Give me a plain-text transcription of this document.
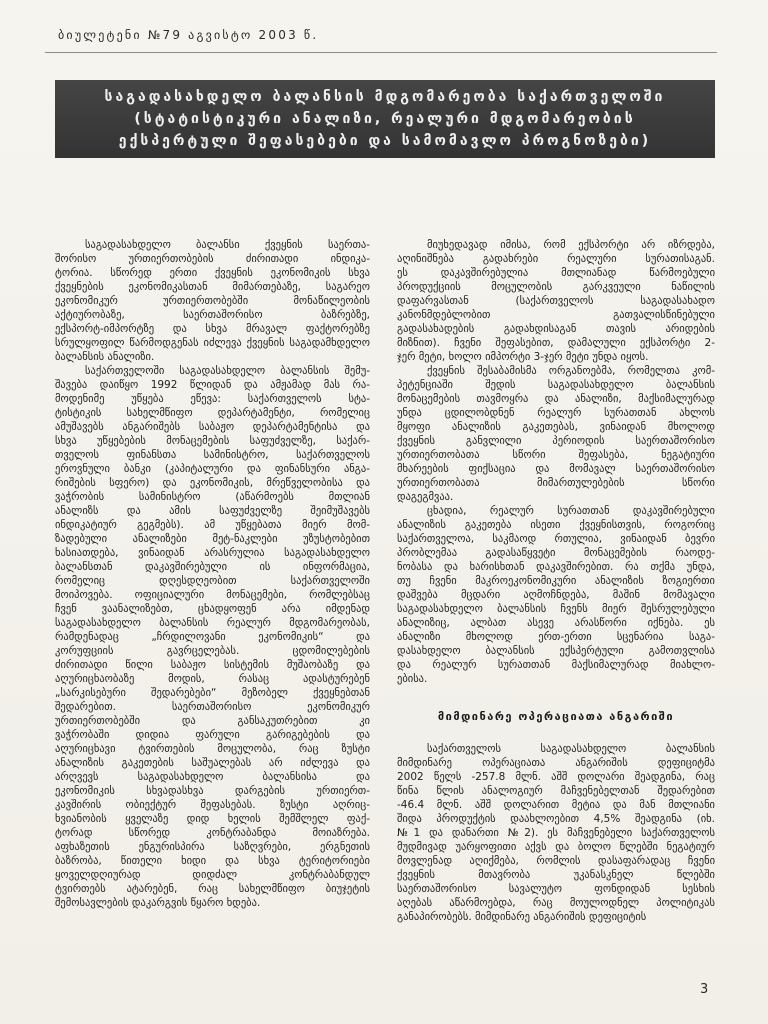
ბიულეტენი №79 აგვისტო 2003 წ.
საგადასახდელო ბალანსის მდგომარეობა საქართველოში
(სტატისტიკური ანალიზი, რეალური მდგომარეობის
ექსპერტული შეფასებები და სამომავლო პროგნოზები)
საგადასახდელო ბალანსი ქვეყნის საერთა-
შორისო ურთიერთობების ძირითადი ინდიკა-
ტორია. სწორედ ერთი ქვეყნის ეკონომიკის სხვა
ქვეყნების ეკონომიკასთან მიმართებაზე, საგარეო
ეკონომიკურ ურთიერთობებში მონაწილეობის
აქტიურობაზე, საერთაშორისო ბაზრებზე,
ექსპორტ-იმპორტზე და სხვა მრავალ ფაქტორებზე
სრულყოფილ წარმოდგენას იძლევა ქვეყნის საგადამხდელო
ბალანსის ანალიზი.
საქართველოში საგადასახდელო ბალანსის შემუ-
შავება დაიწყო 1992 წლიდან და ამჟამად მას რა-
მოდენიმე უწყება ეწევა: საქართველოს სტა-
ტისტიკის სახელმწიფო დეპარტამენტი, რომელიც
ამუშავებს ანგარიშებს საბაჟო დეპარტამენტისა და
სხვა უწყებების მონაცემების საფუძველზე, საქარ-
თველოს ფინანსთა სამინისტრო, საქართველოს
ეროვნული ბანკი (კაპიტალური და ფინანსური ანგა-
რიშების სფერო) და ეკონომიკის, მრეწველობისა და
ვაჭრობის სამინისტრო (აწარმოებს მთლიან
ანალიზს და ამის საფუძველზე შეიმუშავებს
ინდიკატიურ გეგმებს). ამ უწყებათა მიერ მომ-
ზადებული ანალიზები მეტ-ნაკლები უზუსტობებით
ხასიათდება, ვინაიდან არასრულია საგადასახდელო
ბალანსთან დაკავშირებული ის ინფორმაცია,
რომელიც დღესდღეობით საქართველოში
მოიპოვება. ოფიციალური მონაცემები, რომლებსაც
ჩვენ ვაანალიზებთ, ცხადყოფენ არა იმდენად
საგადასახდელო ბალანსის რეალურ მდგომარეობას,
რამდენადაც „ჩრდილოვანი ეკონომიკის“ და
კორუფციის გავრცელებას. ცდომილებების
ძირითადი წილი საბაჟო სისტემის მუშაობაზე და
აღურიცხაობაზე მოდის, რასაც ადასტურებენ
„სარკისებური შედარებები“ მეზობელ ქვეყნებთან
შედარებით. საერთაშორისო ეკონომიკურ
ურთიერთობებში და განსაკუთრებით კი
ვაჭრობაში დიდია ფარული გარიგებების და
აღურიცხავი ტვირთების მოცულობა, რაც ზუსტი
ანალიზის გაკეთების საშუალებას არ იძლევა და
არღვევს საგადასახდელო ბალანსისა და
ეკონომიკის სხვადასხვა დარგების ურთიერთ-
კავშირის ობიექტურ შეფასებას. ზუსტი აღრიც-
ხვიანობის ყველაზე დიდ ხელის შემშლელ ფაქ-
ტორად სწორედ კონტრაბანდა მოიაზრება.
აფხაზეთის ენგურისპირა საზღვრები, ერგნეთის
ბაზრობა, წითელი ხიდი და სხვა ტერიტორიები
ყოველდღიურად დიდძალ კონტრაბანდულ
ტვირთებს ატარებენ, რაც სახელმწიფო ბიუჯეტის
შემოსავლების დაკარგვის წყარო ხდება.
მიუხედავად იმისა, რომ ექსპორტი არ იზრდება,
აღინიშნება გადახრები რეალური სურათისაგან.
ეს დაკავშირებულია მთლიანად წარმოებული
პროდუქციის მოცულობის გარკვეული ნაწილის
დაფარვასთან (საქართველოს საგადასახადო
კანონმდებლობით გათვალისწინებული
გადასახადების გადახდისაგან თავის არიდების
მიზნით). ჩვენი შეფასებით, დამალული ექსპორტი 2-
ჯერ მეტი, ხოლო იმპორტი 3-ჯერ მეტი უნდა იყოს.
ქვეყნის შესაბამისმა ორგანოებმა, რომელთა კომ-
პეტენციაში შედის საგადასახდელო ბალანსის
მონაცემების თავმოყრა და ანალიზი, მაქსიმალურად
უნდა ცდილობდნენ რეალურ სურათთან ახლოს
მყოფი ანალიზის გაკეთებას, ვინაიდან მხოლოდ
ქვეყნის განვლილი პერიოდის საერთაშორისო
ურთიერთობათა სწორი შეფასება, ნეგატიური
მხარეების ფიქსაცია და მომავალ საერთაშორისო
ურთიერთობათა მიმართულებების სწორი
დაგეგმვაა.
ცხადია, რეალურ სურათთან დაკავშირებული
ანალიზის გაკეთება ისეთი ქვეყნისთვის, როგორიც
საქართველოა, საკმაოდ რთულია, ვინაიდან ბევრი
პრობლემაა გადასაწყვეტი მონაცემების რაოდე-
ნობასა და ხარისხთან დაკავშირებით. რა თქმა უნდა,
თუ ჩვენი მაკროეკონომიკური ანალიზის ზოგიერთი
დაშვება მცდარი აღმოჩნდება, მაშინ მომავალი
საგადასახდელო ბალანსის ჩვენს მიერ შესრულებული
ანალიზიც, ალბათ ასევე არასწორი იქნება. ეს
ანალიზი მხოლოდ ერთ-ერთი სცენარია საგა-
დასახდელო ბალანსის ექსპერტული გამოთვლისა
და რეალურ სურათთან მაქსიმალურად მიახლო-
ებისა.
მიმდინარე ოპერაციათა ანგარიში
საქართველოს საგადასახდელო ბალანსის
მიმდინარე ოპერაციათა ანგარიშის დეფიციტმა
2002 წელს -257.8 მლნ. აშშ დოლარი შეადგინა, რაც
წინა წლის ანალოგიურ მაჩვენებელთან შედარებით
-46.4 მლნ. აშშ დოლარით მეტია და მან მთლიანი
შიდა პროდუქტის დაახლოებით 4,5% შეადგინა (იხ.
№1 და დანართი №2). ეს მაჩვენებელი საქართველოს
მუდმივად უარყოფითი აქვს და ბოლო წლებში ნეგატიურ
მოვლენად აღიქმება, რომლის დასაფარადაც ჩვენი
ქვეყნის მთავრობა უკანასკნელ წლებში
საერთაშორისო სავალუტო ფონდიდან სესხის
აღებას აწარმოებდა, რაც მოულოდნელ პოლიტიკას
განაპირობებს. მიმდინარე ანგარიშის დეფიციტის
3
